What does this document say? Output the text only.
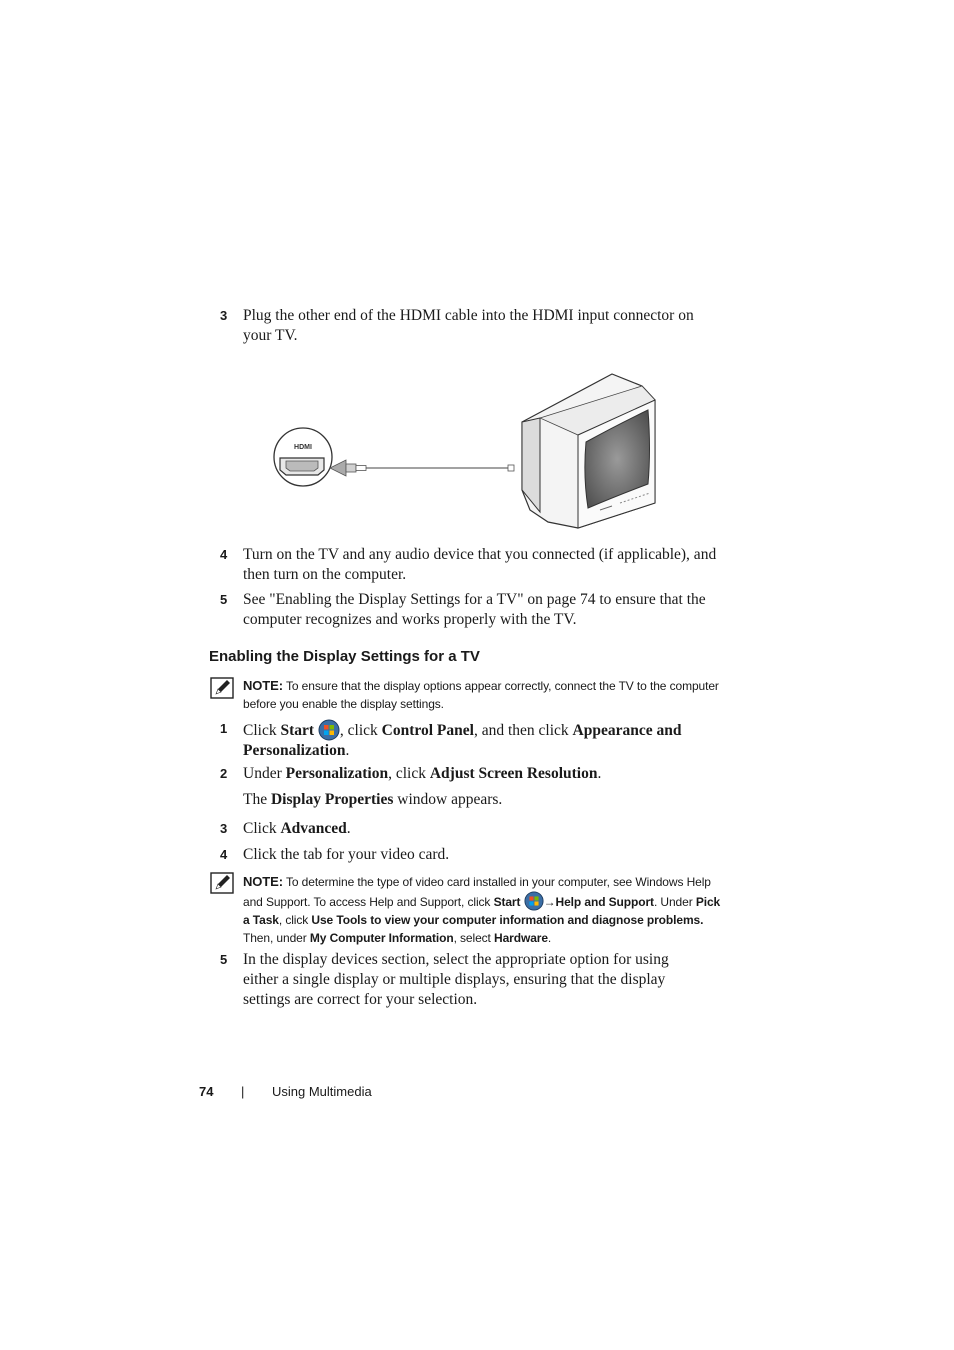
3 Plug the other end of the HDMI cable into the HDMI input connector on your TV.
HDMI
4 Turn on the TV and any audio device that you connected (if applicable), and then turn on the computer.
5 See "Enabling the Display Settings for a TV" on page 74 to ensure that the computer recognizes and works properly with the TV.
Enabling the Display Settings for a TV
NOTE: To ensure that the display options appear correctly, connect the TV to the computer before you enable the display settings.
1 Click Start , click Control Panel, and then click Appearance and Personalization.
2 Under Personalization, click Adjust Screen Resolution.
The Display Properties window appears.
3 Click Advanced.
4 Click the tab for your video card.
NOTE: To determine the type of video card installed in your computer, see Windows Help and Support. To access Help and Support, click Start →Help and Support. Under Pick a Task, click Use Tools to view your computer information and diagnose problems. Then, under My Computer Information, select Hardware.
5 In the display devices section, select the appropriate option for using either a single display or multiple displays, ensuring that the display settings are correct for your selection.
74 | Using Multimedia
